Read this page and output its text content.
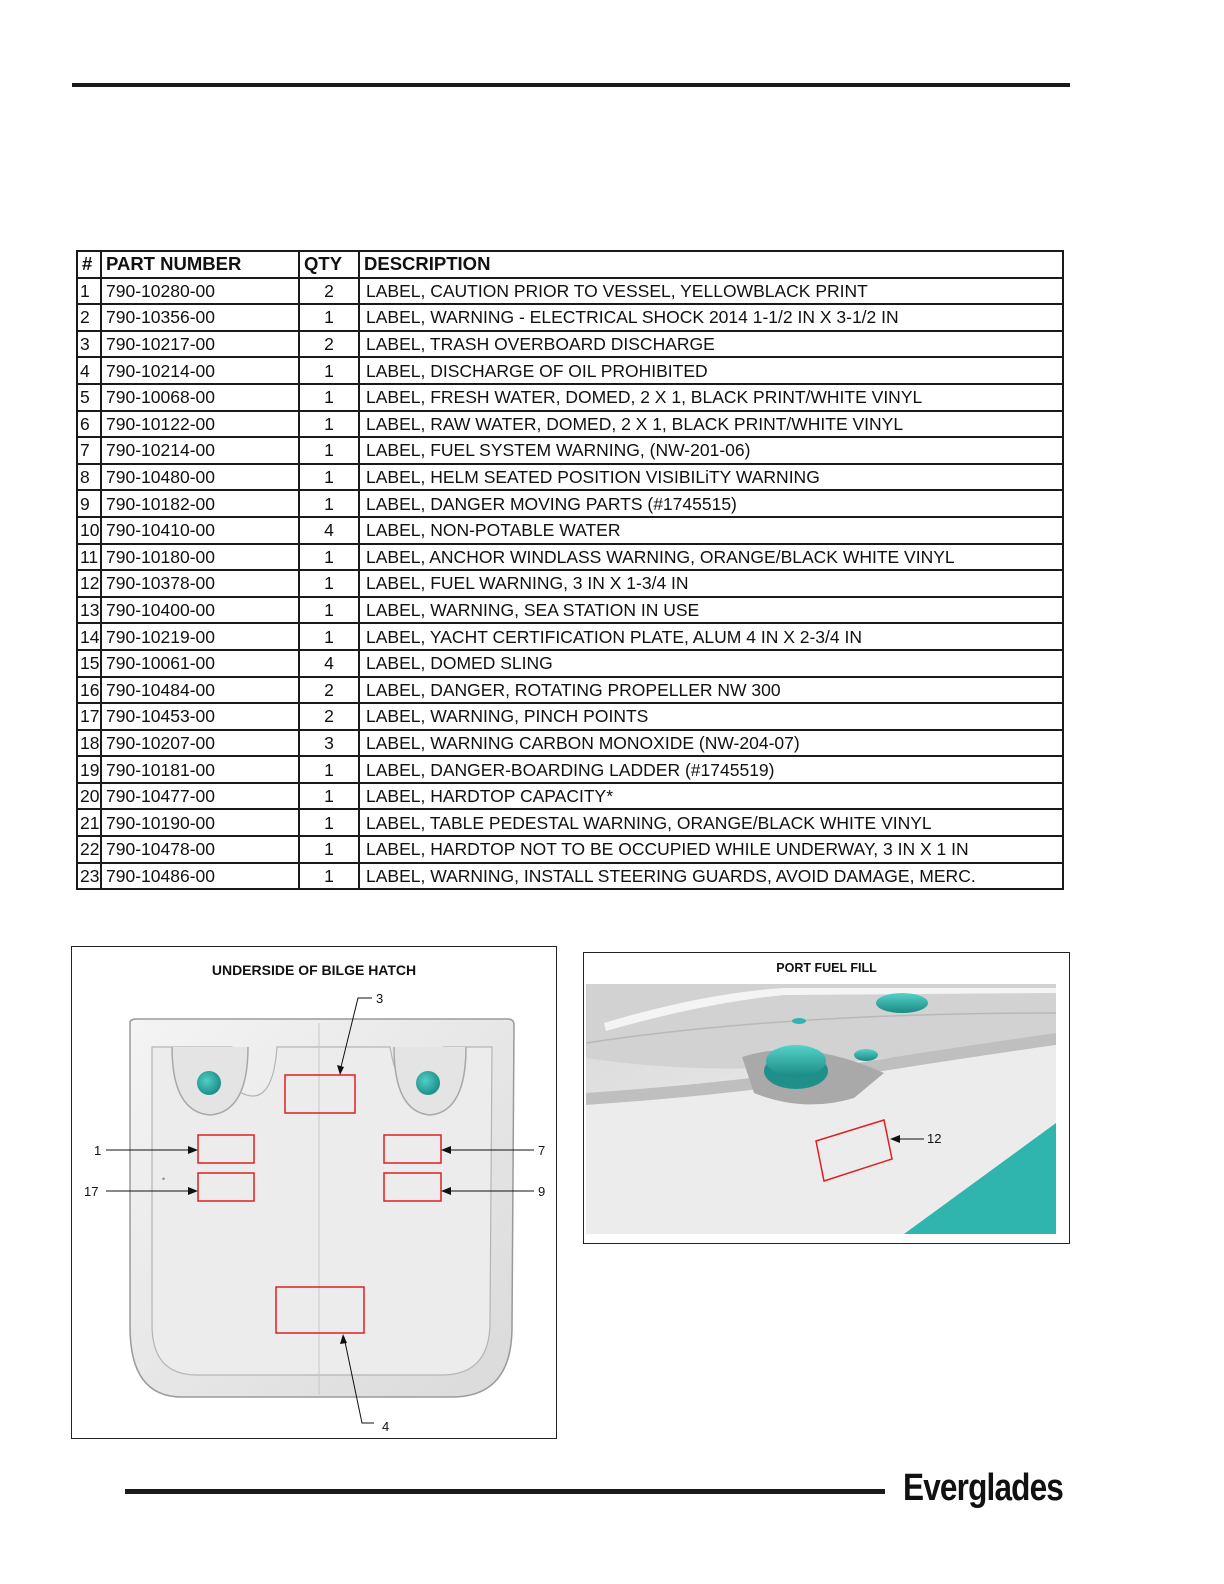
#	PART NUMBER	QTY	DESCRIPTION
1	790-10280-00	2	LABEL, CAUTION PRIOR TO VESSEL, YELLOWBLACK PRINT
2	790-10356-00	1	LABEL, WARNING - ELECTRICAL SHOCK 2014 1-1/2 IN X 3-1/2 IN
3	790-10217-00	2	LABEL, TRASH OVERBOARD DISCHARGE
4	790-10214-00	1	LABEL, DISCHARGE OF OIL PROHIBITED
5	790-10068-00	1	LABEL, FRESH WATER, DOMED, 2 X 1, BLACK PRINT/WHITE VINYL
6	790-10122-00	1	LABEL, RAW WATER, DOMED, 2 X 1, BLACK PRINT/WHITE VINYL
7	790-10214-00	1	LABEL, FUEL SYSTEM WARNING, (NW-201-06)
8	790-10480-00	1	LABEL, HELM SEATED POSITION VISIBILiTY WARNING
9	790-10182-00	1	LABEL, DANGER MOVING PARTS (#1745515)
10	790-10410-00	4	LABEL, NON-POTABLE WATER
11	790-10180-00	1	LABEL, ANCHOR WINDLASS WARNING, ORANGE/BLACK WHITE VINYL
12	790-10378-00	1	LABEL, FUEL WARNING, 3 IN X 1-3/4 IN
13	790-10400-00	1	LABEL, WARNING, SEA STATION IN USE
14	790-10219-00	1	LABEL, YACHT CERTIFICATION PLATE, ALUM 4 IN X 2-3/4 IN
15	790-10061-00	4	LABEL, DOMED SLING
16	790-10484-00	2	LABEL, DANGER, ROTATING PROPELLER NW 300
17	790-10453-00	2	LABEL, WARNING, PINCH POINTS
18	790-10207-00	3	LABEL, WARNING CARBON MONOXIDE (NW-204-07)
19	790-10181-00	1	LABEL, DANGER-BOARDING LADDER (#1745519)
20	790-10477-00	1	LABEL, HARDTOP CAPACITY*
21	790-10190-00	1	LABEL, TABLE PEDESTAL WARNING, ORANGE/BLACK WHITE VINYL
22	790-10478-00	1	LABEL, HARDTOP NOT TO BE OCCUPIED WHILE UNDERWAY, 3 IN X 1 IN
23	790-10486-00	1	LABEL, WARNING, INSTALL STEERING GUARDS, AVOID DAMAGE, MERC.
UNDERSIDE OF BILGE HATCH
•
3
1
17
7
9
4
PORT FUEL FILL
12
Everglades
